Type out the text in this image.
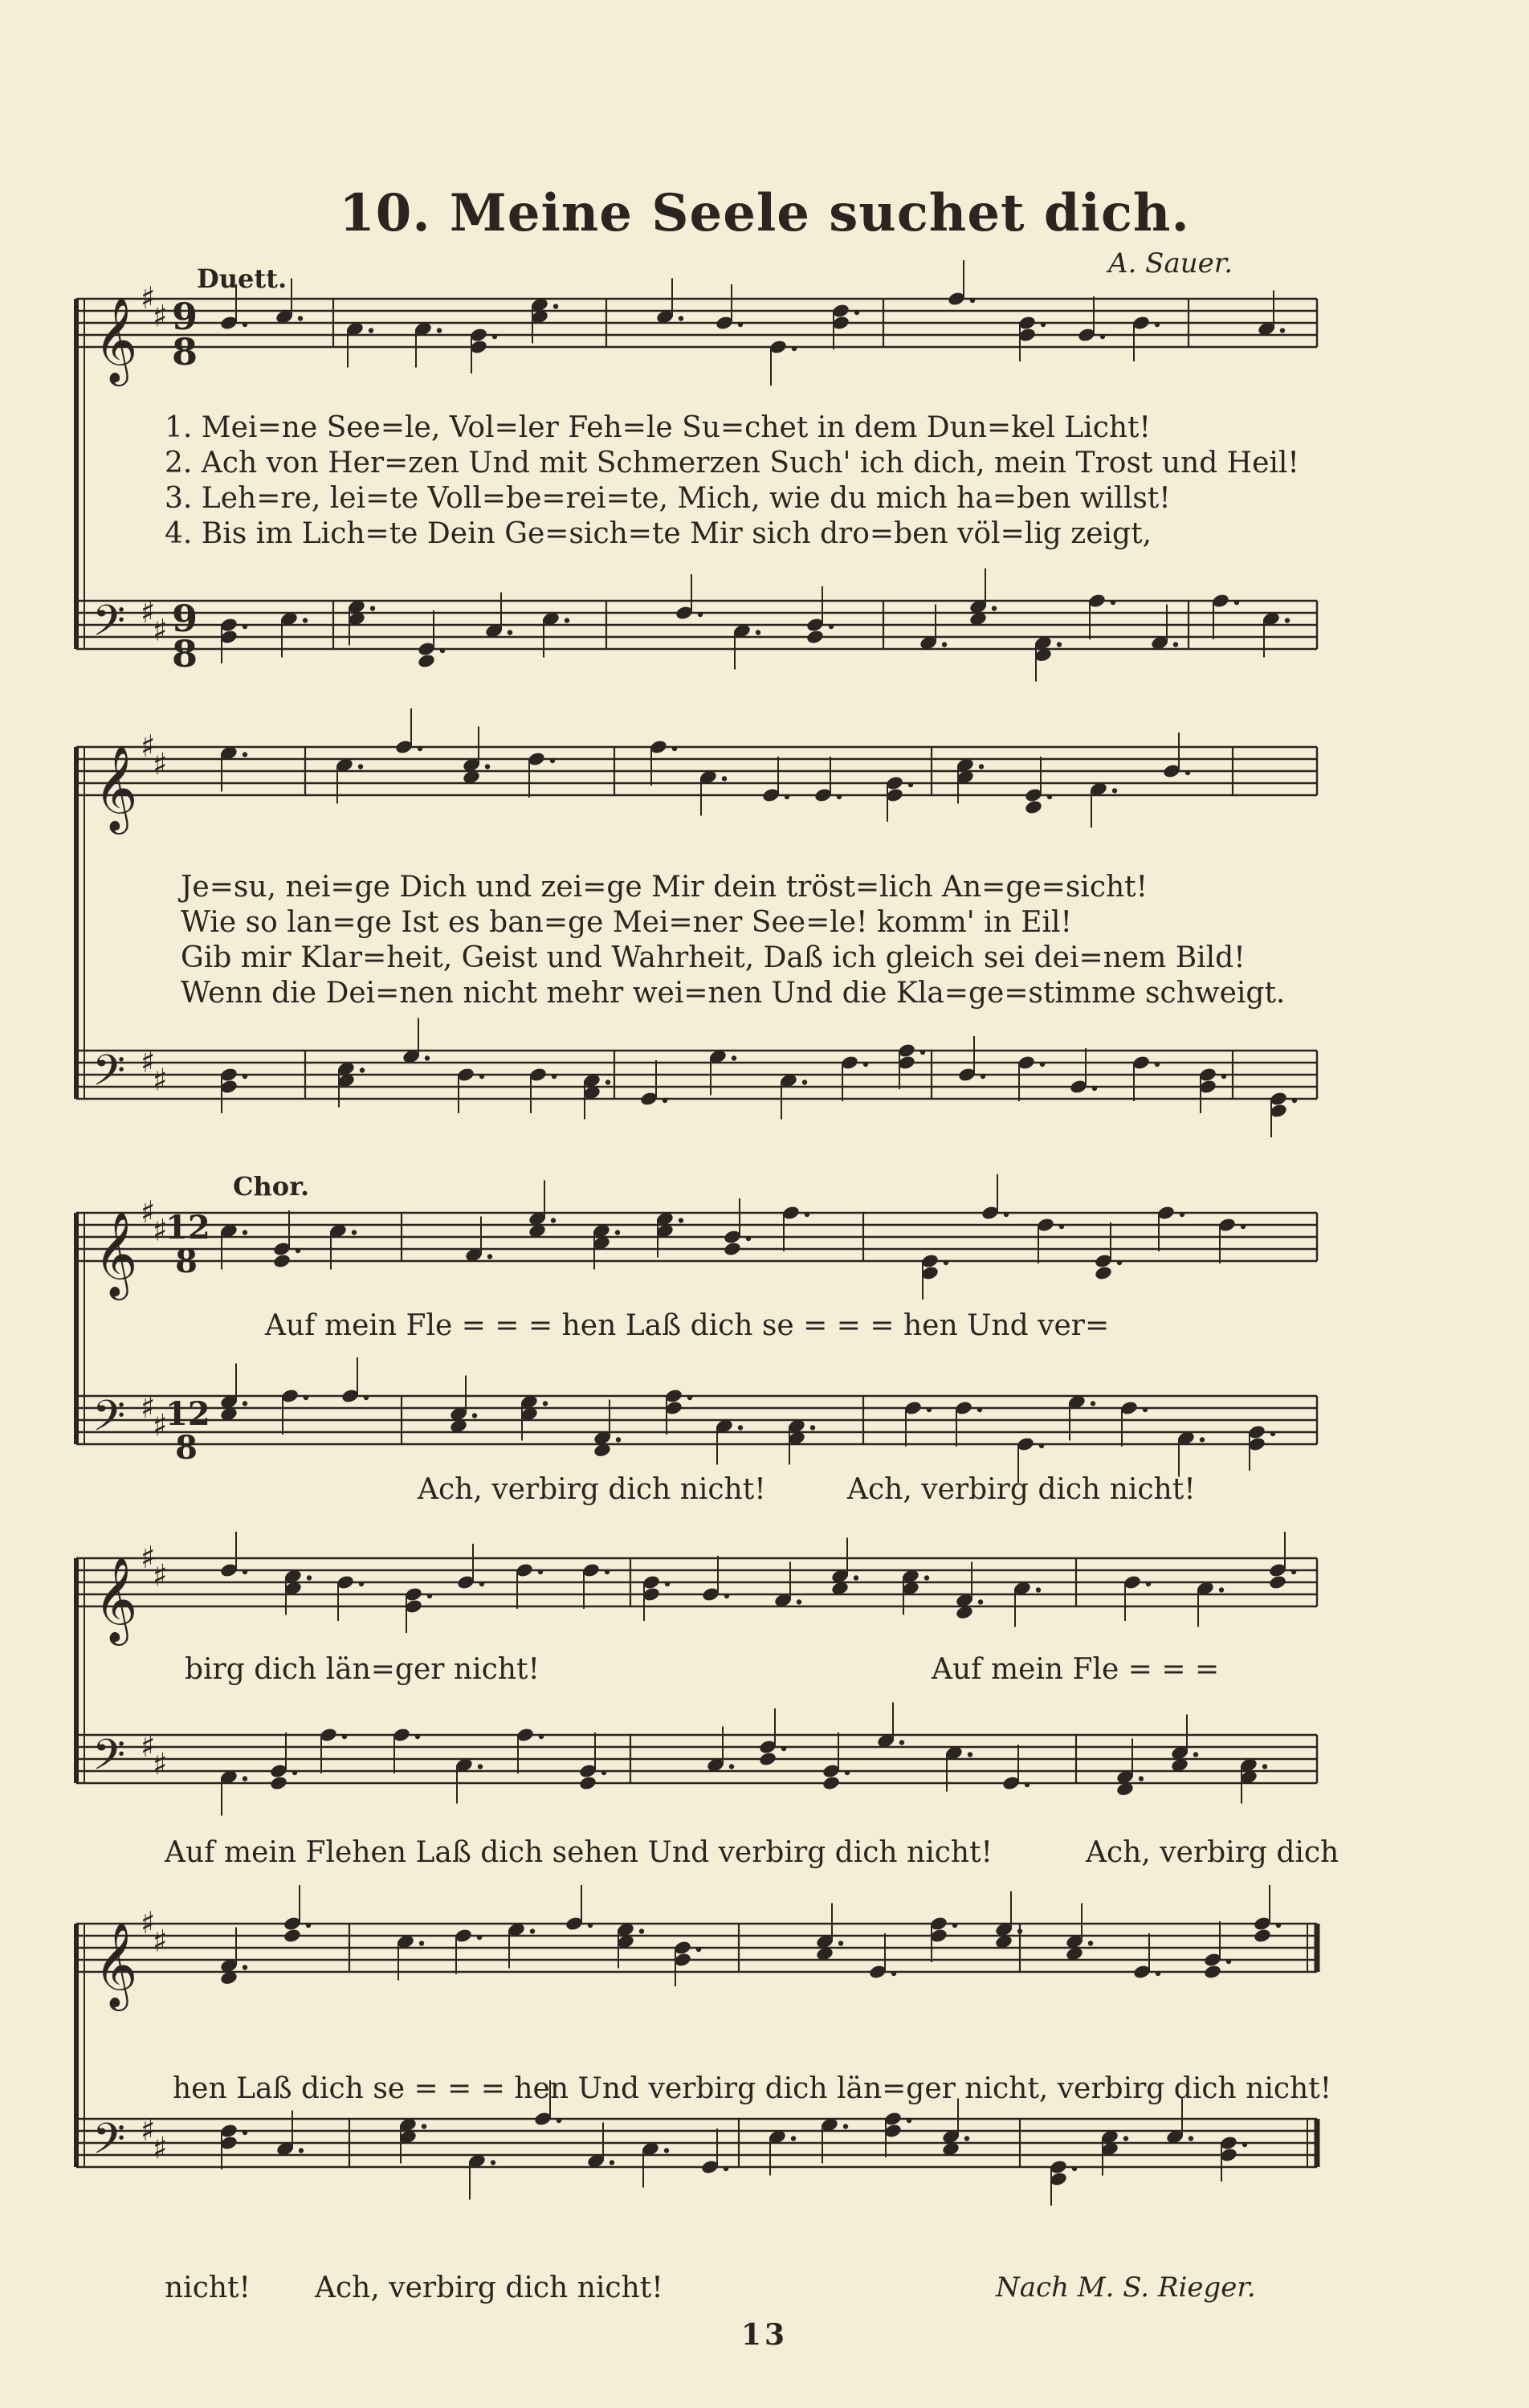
10. Meine Seele suchet dich.
A. Sauer.
Duett.
Chor.
𝄞 ♯
♯
𝄢 ♯
♯
𝄞 ♯
♯
𝄢 ♯
♯
𝄞 ♯
♯
𝄢 ♯
♯
𝄞 ♯
♯
𝄢 ♯
♯
𝄞 ♯
♯
𝄢 ♯
♯
9
8
9
8
12
8
12
8
1. Mei=ne See=le, Vol=ler Feh=le Su=chet in dem Dun=kel Licht!
2. Ach von Her=zen Und mit Schmerzen Such' ich dich, mein Trost und Heil!
3. Leh=re, lei=te Voll=be=rei=te, Mich, wie du mich ha=ben willst!
4. Bis im Lich=te Dein Ge=sich=te Mir sich dro=ben völ=lig zeigt,
Je=su, nei=ge Dich und zei=ge Mir dein tröst=lich An=ge=sicht!
Wie so lan=ge Ist es ban=ge Mei=ner See=le! komm' in Eil!
Gib mir Klar=heit, Geist und Wahrheit, Daß ich gleich sei dei=nem Bild!
Wenn die Dei=nen nicht mehr wei=nen Und die Kla=ge=stimme schweigt.
Auf mein Fle = = = hen Laß dich se = = = hen Und ver=
Ach, verbirg dich nicht!	Ach, verbirg dich nicht!
birg dich län=ger nicht!	Auf mein Fle = = =
Auf mein Flehen Laß dich sehen Und verbirg dich nicht!	Ach, verbirg dich
hen Laß dich se = = = hen Und verbirg dich län=ger nicht, verbirg dich nicht!
nicht! Ach, verbirg dich nicht!	Nach M. S. Rieger.
13
